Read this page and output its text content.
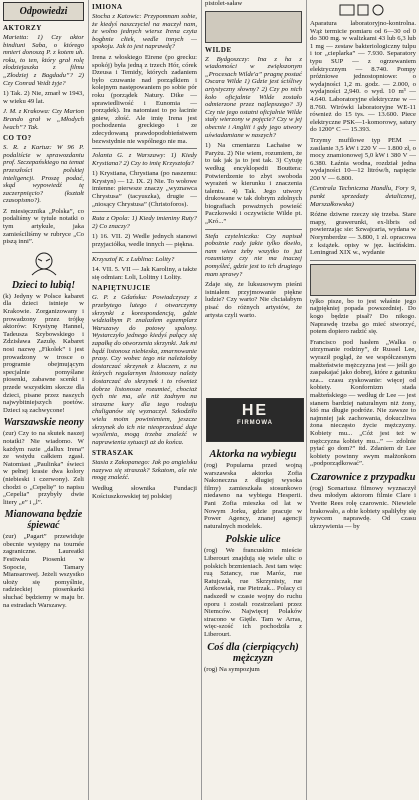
Odpowiedzi
AKTORZY

Marietta: 1) Czy aktor bindiuni Saba, o którego mnieri donoszą P. z kotem uh. roku, to ten, który grał rolę złodziejaszka z filmu „Złodziej z Bagdadu”? 2) Czy Conrad Veidt żyje?

1) Tak. 2) Nie, zmarł w 1943, w wieku 49 lat.

J. M. z Krakowa: Czy Marion Brando grał w „Młodych lwach”? Tak.

CO TO?

S. R. z Kartuz: W 96 P. podaliście w sprawozdaniu prof. Szczepańskiego na temat przeszłości polskiej inteligencji. Proszę podać, skąd wypowiedź tę zaczerpnięcio? (kształt czasopismo?).

Z miesięcznika „Polska”, co podaliśmy w tytule notatki o tym artykule, jaka zamieściliśmy w rubryce „Co piszą inni”.

Dzieci to lubią!

(k) Jedyny w Polsce kabaret dla dzieci istnieje w Krakowie. Zorganizowany i prowadzony przez trójkę aktorów: Krystynę Hannel, Tadeusza Szybowskiego i Zdzisława Zazulę. Kabaret nosi nazwę „Fikolek” i jest prowadzony w trosce o programie obejmującym specjalnie pomyślane piosenki, zabawne scenki i przede wszystkim skecze dla dzieci, pisane przez naszych najwybitniejszych poetów. Dzieci są zachwycone!

Warszawskie neony

(zur) Czy to na skutek naszej notatki? Nie wiadomo. W każdym razie „dallux Irena” ze wstydu całkiem zgasł. Natomiast „Paulinka” świeci w pełnej krasie dwa kolory (niebieski i czerwony). Zeli chodzi o „Cepelię” to napisu „Cepelia” przybyły dwie litery „e” i „l”.

Mianowana będzie śpiewać

(zur) „Pagart” przewiduje obecnie występy na tournée zagraniczne. Laureatki Festiwalu Piosenki w Sopocie, Tamary Miansarowej. Jeżeli wszystko ułoży się pomyślnie, radzieckiej piosenkarki słuchać będziemy w maju br. na estradach Warszawy.

IMIONA

Stocha z Katowic: Przypomnam sobie, że kiedyś naszczyciel na maczył nam, że wolno jednych wiersz Irena czyta bogbnie cłiek, wedle innych — spokoju. Jak to jest naprawdę?

Irena z włoskiego Eirene (po grecku: spokój) była jedną z trzech Hór, córek Dzeusa i Temidy, których zadaniem było czuwanie nad porządkiem i kolejnym następowaniem po sobie pór roku (porządek Natury. Dike — sprawiedliwość i Eunomia — porządek). Ira natomiast to po łacinie gniew, złość. Ale imię Irena jest pochodzenia greckiego i ze zdecydowaną prawdopodobieństwem bezwstydnie nie wspólnego nie ma.

Jolanta G. z Warszawy: 1) Kiedy Krystiana? 2) Czy to imię Krzysztofa?

1) Krystiana, Chrystiana (po naszemu: Krystyn) — 12. IX. 2) Nie. To wołowe imienne: pierwsze znaczy „wyznawca Chrystusa” (tacyuszka), drugie — „niosący Chrystusa” (Christoforos).

Ruta z Opola: 1) Kiedy imieniny Ruty? 2) Co znaczy?

1) 16. VII. 2) Wedle jednych stanowi przyjaciółka, wedle innych — piękna.

Krzysztof K. z Lublina: Lolity?

14. VII. 5. VII — Jak Karoliny, a także się odmian: Loli, Lolitny i Lolity.

NAPIĘTNUJCIE

G. P. z Gdańska: Powiadczyszy z przebytego lutego i otwarczymy skrzynki z korespondencją, gdzie widziałbym P. znalazłem egzemplarz Warszawy do potowy spalony. Wystarczyło jednego kiedyś palący się zapałkę do otworzenia skrzynki. Jak mi bądź listonosz niebieska, zmarnowanie prasy. Czy wobec tego nie należałoby dostarczać skrzynek z kluczem, z na których regularnym listonoszy należy dostarczać do skrzynek i to również dobrze listonosze rozumieć, chociaż tych nie ma, ale niż żadnym na straszne kary dla tego rodzaju chuliganów się wyznaczył. Szkodziło wielu moim powinieniem, jeszcze skrzynek do ich nie nieoprzedzać daje wysilenia, mogą trzeba znaleźć w naprawienia sytuacji aż do końca.

STRASZAK

Stasia z Zakopanego: Jak po angielsku nazywa się straszak? Szkatom, ale nie mogę znaleźć.

Według słownika Fundacji Kościuszkowskiej tej polskiej

pistolet-saław

WILDE

Z Bydgoszczy: Ina z ha z wiadomości w zwiększonym „Procesach Wilde'a” pragnę postać Oscara Wilde 1) Gdzie jest ściśliwy artystyczny słowny? 2) Czy po nich koło oficjalnie Wilde zostało odmierzone przez najlepszego? 3) Czy nie jego ostatni oficjalnie Wilde stały wierzony w pojęcie? Czy w jej obecnie i Angliii i gdy jego utwory uświadamiane w naszych?

1) Na cmentarzu Lachaise w Paryżu. 2) Nie wiem, rozumiem, że to tak jak ja to jest tak. 3) Cytuję według encyklopedii Bouttera: Potwierdzenie to zbyt swoboda wyrażeń w kierunku i znaczenia talentu. 4) Tak. Jego utwory drukowane w tak dobrym zdolnych biografiach poważnych powieść Paczkowski i oczywiście Wilde pt. „Kró...”

Stefa czytelniczka: Czy napisał pobożnie rady jakie tylko tkwiło, nam wiesz żeby wszytko to już rozumiany czy nie ma inaczej pomyśleć, gdzie jest to ich drugiego mam sprawy?

Zdaje się, że luksusowym pieśni istniałem przyjmowanie piękne ludzie? Czy warto? Nie chciałabym pisać do różnych artystów, że artysta czyli warto.

HE
FIRMOWA
Aktorka na wybiegu

(rog) Popularna przed wojną warszawska aktorka Zofia Nakoneczna z dlugiej wysoka filmy) zamieszkała stosunkowo niedawno na wybiegu Hesperii. Pani Zofia mieszka od lat w Nowym Jorku, gdzie pracuje w Power Agency, znanej agencji naturalnych modelek.

Polskie ulice

(rog) We francuskim mieście Liberourt znajdują się wiele ulic o polskich brzmieniach. Jest tam więc ruą Sztancy, rue Maróz, rue Ratujczak, rue Skrzynisty, rue Antkowiak, rue Pietrzak... Polacy ci nadszedł w czasie wojny do ruchu oporu i zostali rozstrzelani przez Niemców. Najwięcej Polaków stracono w Giętle. Tam w Arras, więc-szość ich pochodziła z Liberourt.

Coś dla (cierpiących) mężczyzn

(rog) Na sympozjum

Aparatura laboratoryjno-kontrolna. Wąż termicie pomiaru od 6—30 od 0 do 300 mg. w walizkami 43 lub 6,3 lub 1 mg — zestaw bakteriologiczny tulpu i tor „cieplarka” — 7.930. Separatory typu SUP — z ogrzewaniem elektrycznym — 8.740. Pompy próżniowe jednostopniowe: o wydajności 1,2 m. godz. — 2.000, o wydajności 2,940. o wyd. 10 m³ — 4.640. Laboratoryjne elektryczne w — 8.760. Wirówki laboratoryjne WE-11 również do 15 tys. — 13.600. Piece elektryczne PSK—1-komorowy, satury do 1200° C — 15.393.

Trzymy mufilowe typ PEM — zasilanie 3,5 kW i 220 V — 1.800 zł, o mocy znamionowej 5,0 kW i 380 V — 6.380. Łaźnia wodna, rozdział jedna wydajności 10—12 litrów/h, napięcie 200 V — 6.800.

(Centrala Techniczna Handlu, Fory 9, punkt sprzedaży detalicznej, Marszałkowska)

Różne dziwne rzeczy się trzeba. Stare mapy, grawerunki, ex-libris od powierzając sie: Szwajcaria, wydana w Norymberdze — 3.800, 1 zł. opracowa z książek. opisy w jęz. łacińskim. Leningrad XIX w., wydanie

tylko pisze, bo to jest właśnie jego najpiękniej popada powszedniej. Do kogo będzie pisał? Do nikogo. Naprawdę trzeba go mieć stworzyć, potem dopiero radzić się.

Francisco pod hasłem „Walka o utrzymanie rodziny”, dr Russel Lee, wyraził pogląd, że we współczesnym małżeństwie mężczyzna jest — jeśli go zaspakajać jako dobrej, które z gatunku sza... czasu zyskowanie: więcej od kobiety. Konfornizm stada małżeńskiego — według dr Lee — jest stanem bardziej naturalnym niż żony, któ ma długie podróże. Nie zawsze to najmniej jak zachowania, dokuczliwa żona nieczęsto życie mężczyzny. Kobiety mu... „Cóż jest też w mężczyzna kobiety mu...” — zdolnie pytać go dom?” itd. Zdaniem dr Lee kobiety powinny swym małżonkom ,,podporządkować”.

Czarownice z przypadku

(rog) Scenariusz filmowy wyznaczył dwu młodym aktorom filmie Clare i Yvette Rees rolę czarownic. Niewiele brakowało, a obie kobiety spaliłyby się żywcem naprawdę. Od czasu ukrzywienia — by
